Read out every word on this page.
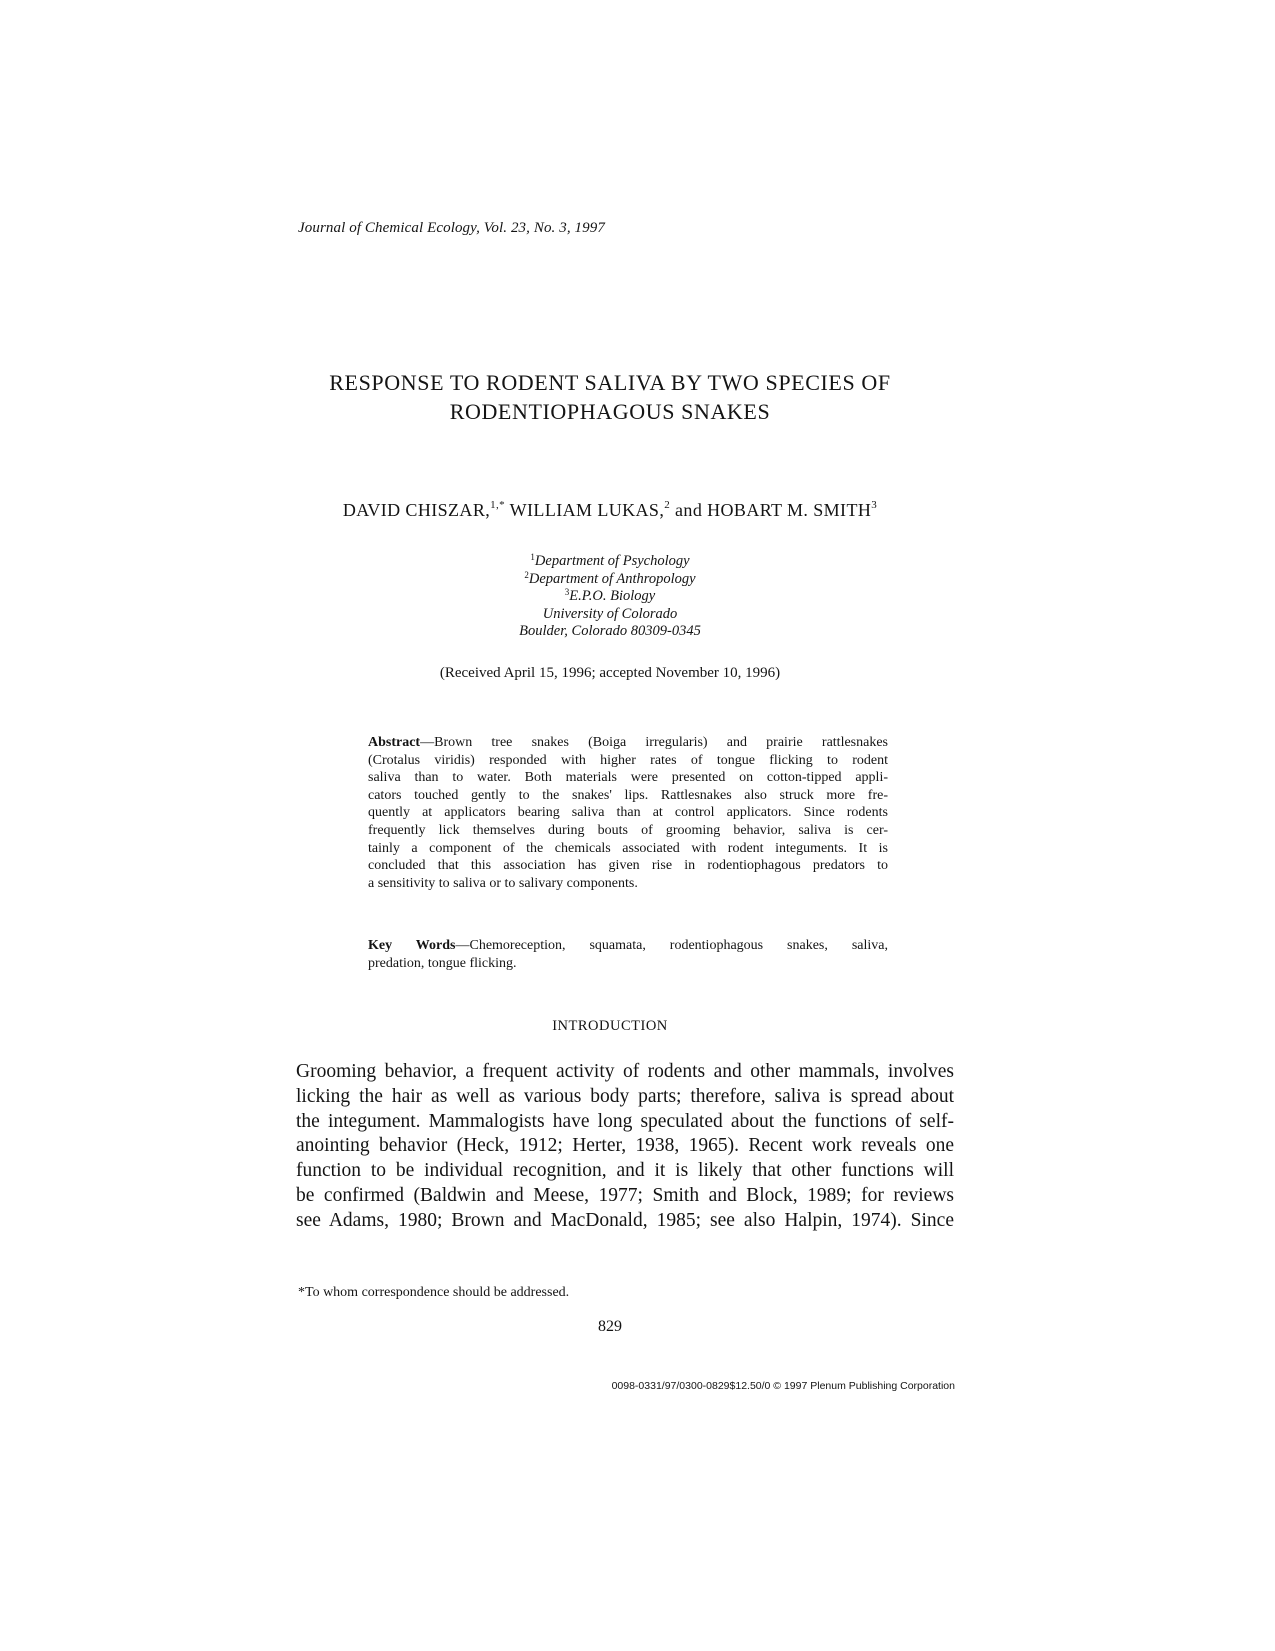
Journal of Chemical Ecology, Vol. 23, No. 3, 1997
RESPONSE TO RODENT SALIVA BY TWO SPECIES OF
RODENTIOPHAGOUS SNAKES
DAVID CHISZAR,$^{1,*}$ WILLIAM LUKAS,$^2$ and HOBART M. SMITH$^3$
$^1$Department of Psychology
$^2$Department of Anthropology
$^3$E.P.O. Biology
University of Colorado
Boulder, Colorado 80309-0345
(Received April 15, 1996; accepted November 10, 1996)
Abstract—Brown tree snakes (Boiga irregularis) and prairie rattlesnakes
(Crotalus viridis) responded with higher rates of tongue flicking to rodent
saliva than to water. Both materials were presented on cotton-tipped appli-
cators touched gently to the snakes' lips. Rattlesnakes also struck more fre-
quently at applicators bearing saliva than at control applicators. Since rodents
frequently lick themselves during bouts of grooming behavior, saliva is cer-
tainly a component of the chemicals associated with rodent integuments. It is
concluded that this association has given rise in rodentiophagous predators to
a sensitivity to saliva or to salivary components.
Key Words—Chemoreception, squamata, rodentiophagous snakes, saliva,
predation, tongue flicking.
INTRODUCTION
Grooming behavior, a frequent activity of rodents and other mammals, involves
licking the hair as well as various body parts; therefore, saliva is spread about
the integument. Mammalogists have long speculated about the functions of self-
anointing behavior (Heck, 1912; Herter, 1938, 1965). Recent work reveals one
function to be individual recognition, and it is likely that other functions will
be confirmed (Baldwin and Meese, 1977; Smith and Block, 1989; for reviews
see Adams, 1980; Brown and MacDonald, 1985; see also Halpin, 1974). Since
*To whom correspondence should be addressed.
829
0098-0331/97/0300-0829$12.50/0 © 1997 Plenum Publishing Corporation
